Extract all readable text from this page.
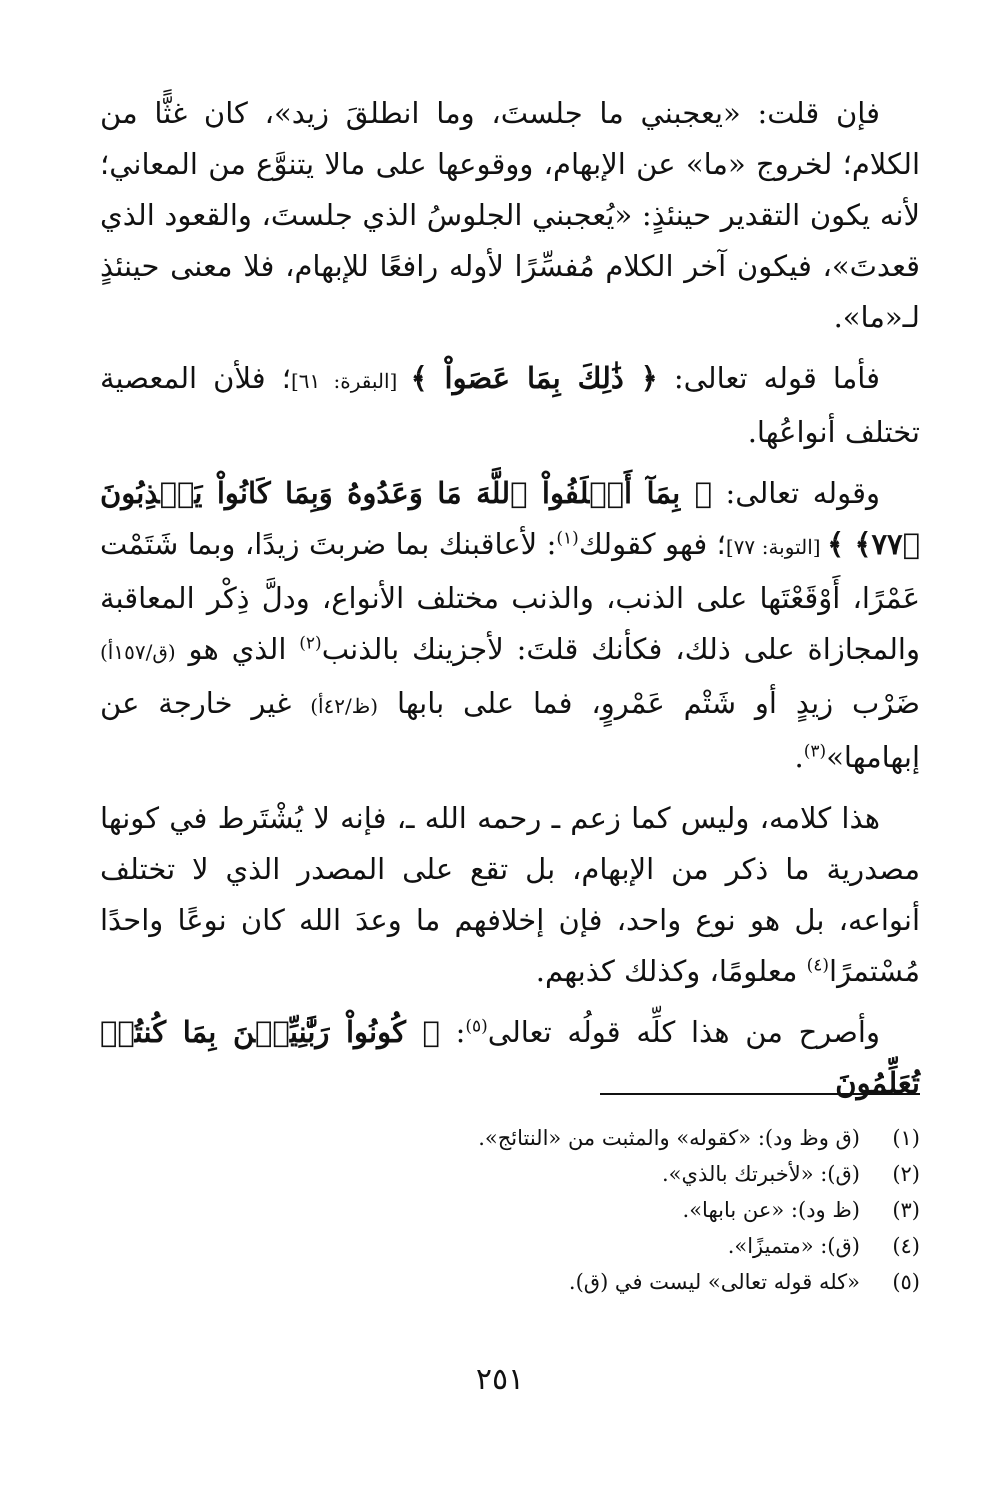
فإن قلت: «يعجبني ما جلستَ، وما انطلقَ زيد»، كان غثًّا من الكلام؛ لخروج «ما» عن الإبهام، ووقوعها على مالا يتنوَّع من المعاني؛ لأنه يكون التقدير حينئذٍ: «يُعجبني الجلوسُ الذي جلستَ، والقعود الذي قعدتَ»، فيكون آخر الكلام مُفسِّرًا لأوله رافعًا للإبهام، فلا معنى حينئذٍ لـ«ما».

فأما قوله تعالى: ﴿ ذَٰلِكَ بِمَا عَصَواْ ﴾ [البقرة: ٦١]؛ فلأن المعصية تختلف أنواعُها.

وقوله تعالى: ﴿ بِمَآ أَخۡلَفُواْ ٱللَّهَ مَا وَعَدُوهُ وَبِمَا كَانُواْ يَكۡذِبُونَ ﴿٧٧﴾ ﴾ [التوبة: ٧٧]؛ فهو كقولك$^{(١)}$: لأعاقبنك بما ضربتَ زيدًا، وبما شَتَمْت عَمْرًا، أَوْقَعْتَها على الذنب، والذنب مختلف الأنواع، ودلَّ ذِكْر المعاقبة والمجازاة على ذلك، فكأنك قلتَ: لأجزينك بالذنب$^{(٢)}$ الذي هو (ق/١٥٧أ) ضَرْب زيدٍ أو شَتْم عَمْروٍ، فما على بابها (ظ/٤٢أ) غير خارجة عن إبهامها»$^{(٣)}$.

هذا كلامه، وليس كما زعم ـ رحمه الله ـ، فإنه لا يُشْتَرط في كونها مصدرية ما ذكر من الإبهام، بل تقع على المصدر الذي لا تختلف أنواعه، بل هو نوع واحد، فإن إخلافهم ما وعدَ الله كان نوعًا واحدًا مُسْتمرًا$^{(٤)}$ معلومًا، وكذلك كذبهم.

وأصرح من هذا كلِّه قولُه تعالى$^{(٥)}$: ﴿ كُونُواْ رَبَّٰنِيِّـۧنَ بِمَا كُنتُمۡ تُعَلِّمُونَ

(١)
(ق وظ ود): «كقوله» والمثبت من «النتائج».
(٢)
(ق): «لأخبرتك بالذي».
(٣)
(ظ ود): «عن بابها».
(٤)
(ق): «متميزًا».
(٥)
«كله قوله تعالى» ليست في (ق).
٢٥١
